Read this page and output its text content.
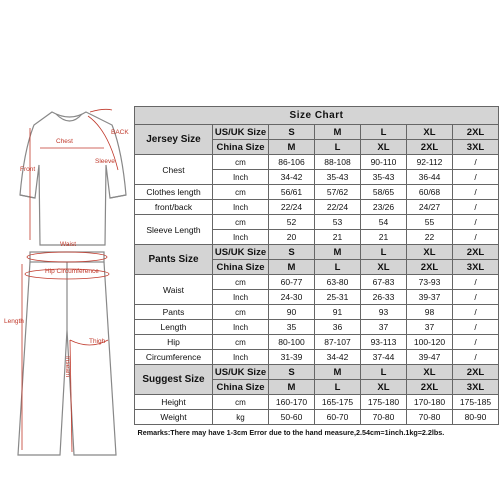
Chest
BACK
Front
Sleeve
Waist
Hip Circumference
Length
Thigh
Inseam
Size Chart						
Jersey Size	US/UK Size	S	M	L	XL	2XL
	China Size	M	L	XL	2XL	3XL
Chest	cm	86-106	88-108	90-110	92-112	/
	Inch	34-42	35-43	35-43	36-44	/
Clothes length	cm	56/61	57/62	58/65	60/68	/
front/back	Inch	22/24	22/24	23/26	24/27	/
Sleeve Length	cm	52	53	54	55	/
	Inch	20	21	21	22	/
Pants Size	US/UK Size	S	M	L	XL	2XL
	China Size	M	L	XL	2XL	3XL
Waist	cm	60-77	63-80	67-83	73-93	/
	Inch	24-30	25-31	26-33	39-37	/
Pants	cm	90	91	93	98	/
Length	Inch	35	36	37	37	/
Hip	cm	80-100	87-107	93-113	100-120	/
Circumference	Inch	31-39	34-42	37-44	39-47	/
Suggest Size	US/UK Size	S	M	L	XL	2XL
	China Size	M	L	XL	2XL	3XL
Height	cm	160-170	165-175	175-180	170-180	175-185
Weight	kg	50-60	60-70	70-80	70-80	80-90
Remarks:There may have 1-3cm Error due to the hand measure,2.54cm=1inch.1kg=2.2lbs.						
